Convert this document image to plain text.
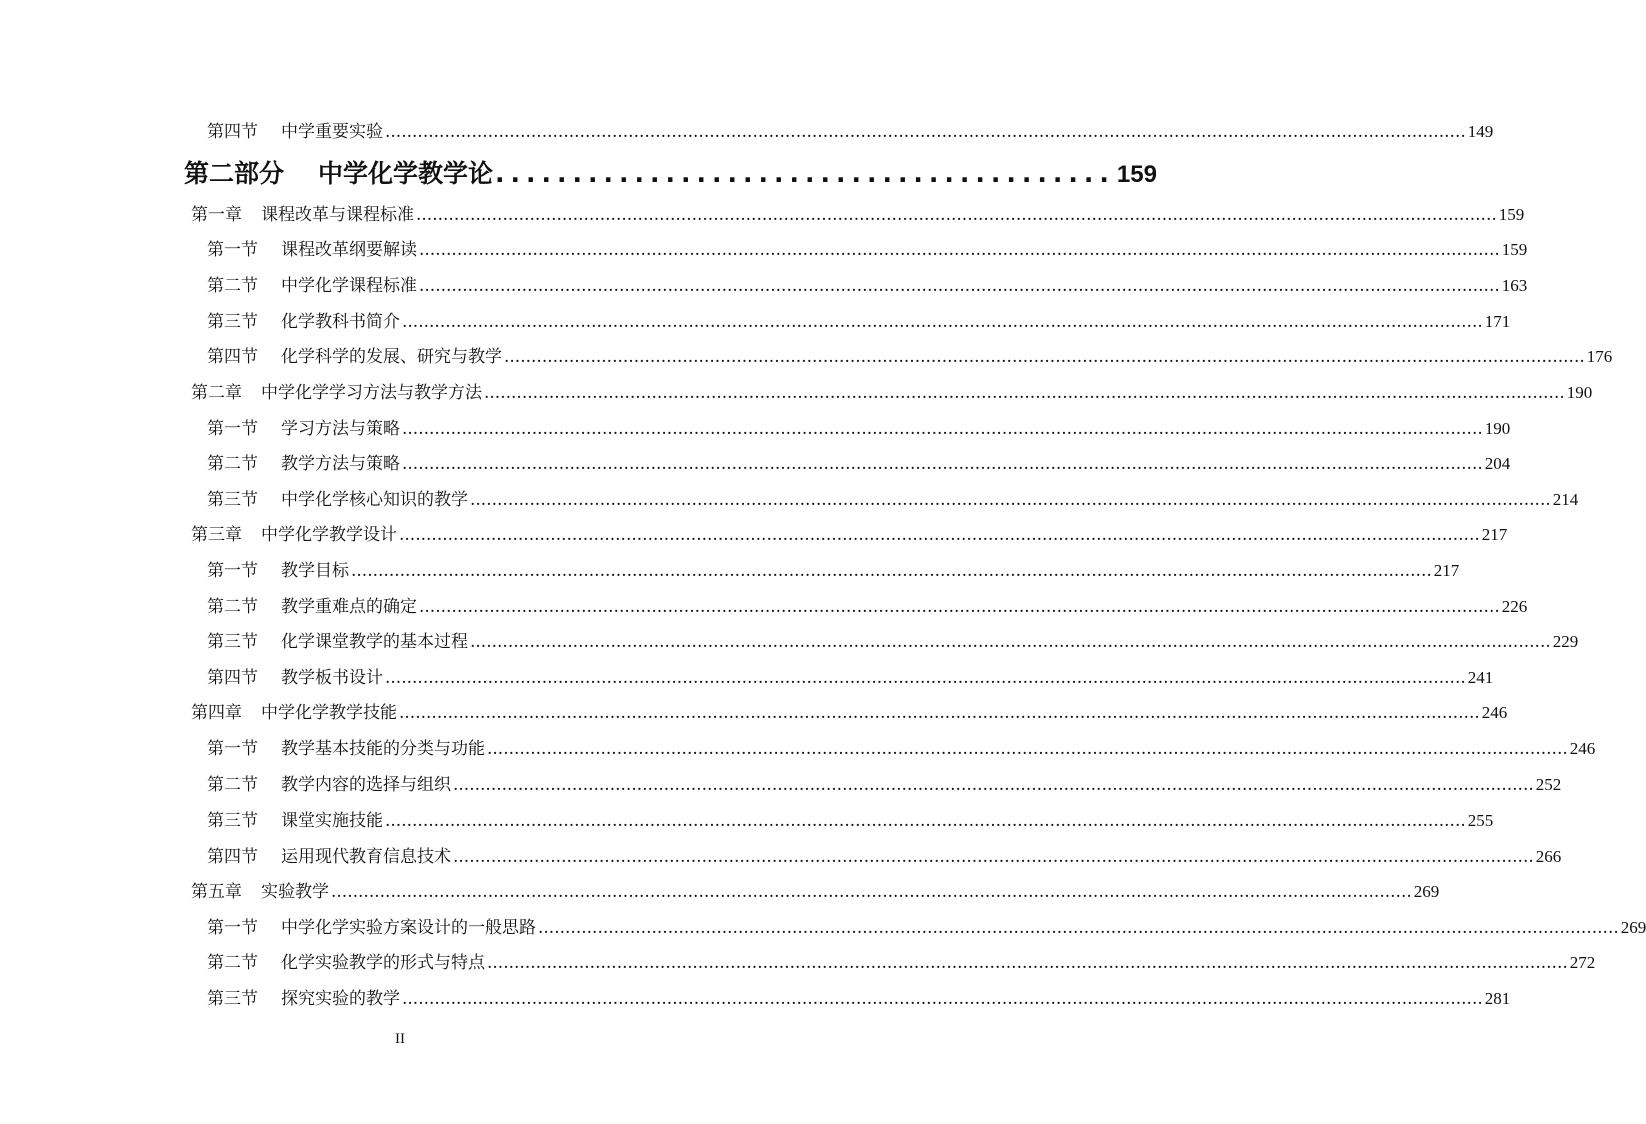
第四节	中学重要实验 ........................................................................................................................................................................................................ 149
第二部分	中学化学教学论 ........................................ 159
第一章	课程改革与课程标准 ........................................................................................................................................................................................................ 159
第一节	课程改革纲要解读 ........................................................................................................................................................................................................ 159
第二节	中学化学课程标准 ........................................................................................................................................................................................................ 163
第三节	化学教科书简介 ........................................................................................................................................................................................................ 171
第四节	化学科学的发展、研究与教学 ........................................................................................................................................................................................................ 176
第二章	中学化学学习方法与教学方法 ........................................................................................................................................................................................................ 190
第一节	学习方法与策略 ........................................................................................................................................................................................................ 190
第二节	教学方法与策略 ........................................................................................................................................................................................................ 204
第三节	中学化学核心知识的教学 ........................................................................................................................................................................................................ 214
第三章	中学化学教学设计 ........................................................................................................................................................................................................ 217
第一节	教学目标 ........................................................................................................................................................................................................ 217
第二节	教学重难点的确定 ........................................................................................................................................................................................................ 226
第三节	化学课堂教学的基本过程 ........................................................................................................................................................................................................ 229
第四节	教学板书设计 ........................................................................................................................................................................................................ 241
第四章	中学化学教学技能 ........................................................................................................................................................................................................ 246
第一节	教学基本技能的分类与功能 ........................................................................................................................................................................................................ 246
第二节	教学内容的选择与组织 ........................................................................................................................................................................................................ 252
第三节	课堂实施技能 ........................................................................................................................................................................................................ 255
第四节	运用现代教育信息技术 ........................................................................................................................................................................................................ 266
第五章	实验教学 ........................................................................................................................................................................................................ 269
第一节	中学化学实验方案设计的一般思路 ........................................................................................................................................................................................................ 269
第二节	化学实验教学的形式与特点 ........................................................................................................................................................................................................ 272
第三节	探究实验的教学 ........................................................................................................................................................................................................ 281
II
